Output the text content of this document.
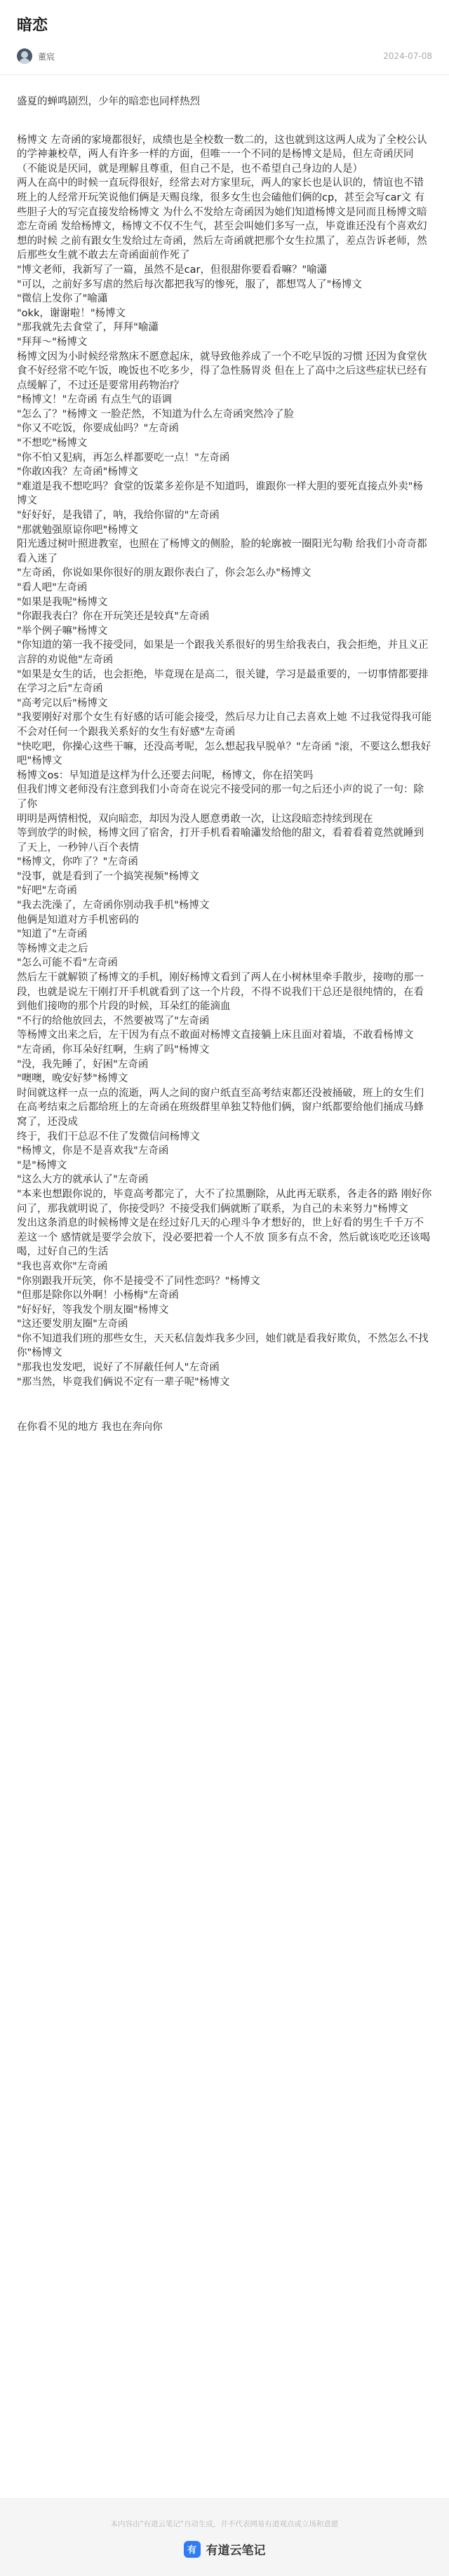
暗恋
董宸	2024-07-08

盛夏的蝉鸣剧烈，少年的暗恋也同样热烈

杨博文 左奇函的家境都很好，成绩也是全校数一数二的，这也就到这这两人成为了全校公认的学神兼校草，两人有许多一样的方面，但唯一一个不同的是杨博文是局，但左奇函厌同（不能说是厌同，就是理解且尊重，但自己不是，也不希望自己身边的人是）

两人在高中的时候一直玩得很好，经常去对方家里玩，两人的家长也是认识的，情谊也不错 班上的人经常开玩笑说他们俩是天赐良缘，很多女生也会磕他们俩的cp，甚至会写car文 有些胆子大的写完直接发给杨博文 为什么不发给左奇函因为她们知道杨博文是同而且杨博文暗恋左奇函 发给杨博文，杨博文不仅不生气，甚至会叫她们多写一点，毕竟谁还没有个喜欢幻想的时候 之前有跟女生发给过左奇函，然后左奇函就把那个女生拉黑了，差点告诉老师，然后那些女生就不敢去左奇函面前作死了

"博文老师，我新写了一篇，虽然不是car，但很甜你要看看嘛？"喻瀟

"可以，之前好多写虐的然后每次都把我写的惨死，服了，都想骂人了"杨博文

"微信上发你了"喻瀟

"okk，谢谢啦！"杨博文

"那我就先去食堂了，拜拜"喻瀟

"拜拜～"杨博文

杨博文因为小时候经常熬床不愿意起床，就导致他养成了一个不吃早饭的习惯 还因为食堂伙食不好经常不吃午饭，晚饭也不吃多少，得了急性肠胃炎 但在上了高中之后这些症状已经有点缓解了，不过还是要常用药物治疗

"杨博文！"左奇函 有点生气的语调

"怎么了？"杨博文 一脸茫然，不知道为什么左奇函突然冷了脸

"你又不吃饭，你要成仙吗？"左奇函

"不想吃"杨博文

"你不怕又犯病，再怎么样都要吃一点！"左奇函

"你敢凶我？左奇函"杨博文

"难道是我不想吃吗？食堂的饭菜多差你是不知道吗，谁跟你一样大胆的要死直接点外卖"杨博文

"好好好，是我错了，呐，我给你留的"左奇函

"那就勉强原谅你吧"杨博文

阳光透过树叶照进教室，也照在了杨博文的侧脸，脸的轮廓被一圈阳光勾勒 给我们小奇奇都看入迷了

"左奇函，你说如果你很好的朋友跟你表白了，你会怎么办"杨博文

"看人吧"左奇函

"如果是我呢"杨博文

"你跟我表白？你在开玩笑还是较真"左奇函

"举个例子嘛"杨博文

"你知道的第一我不接受同，如果是一个跟我关系很好的男生给我表白，我会拒绝，并且义正言辞的劝说他"左奇函

"如果是女生的话，也会拒绝，毕竟现在是高二，很关键，学习是最重要的，一切事情都要排在学习之后"左奇函

"高考完以后"杨博文

"我要刚好对那个女生有好感的话可能会接受，然后尽力让自己去喜欢上她 不过我觉得我可能不会对任何一个跟我关系好的女生有好感"左奇函

"快吃吧，你操心这些干嘛，还没高考呢，怎么想起我早脱单？"左奇函 "滚，不要这么想我好吧"杨博文

杨博文os：早知道是这样为什么还要去问呢，杨博文，你在招笑吗

但我们博文老师没有注意到我们小奇奇在说完不接受同的那一句之后还小声的说了一句：除了你

明明是两情相悦，双向暗恋，却因为没人愿意勇敢一次，让这段暗恋持续到现在

等到放学的时候，杨博文回了宿舍，打开手机看着喻瀟发给他的甜文，看着看着竟然就睡到了天上，一秒钟八百个表情

"杨博文，你咋了？"左奇函

"没事，就是看到了一个搞笑视频"杨博文

"好吧"左奇函

"我去洗澡了，左奇函你别动我手机"杨博文

他俩是知道对方手机密码的

"知道了"左奇函

等杨博文走之后

"怎么可能不看"左奇函

然后左干就解锁了杨博文的手机，刚好杨博文看到了两人在小树林里牵手散步，接吻的那一段，也就是说左干刚打开手机就看到了这一个片段，不得不说我们干总还是很纯情的，在看到他们接吻的那个片段的时候，耳朵红的能滴血

"不行的给他放回去，不然要被骂了"左奇函

等杨博文出来之后，左干因为有点不敢面对杨博文直接躺上床且面对着墙，不敢看杨博文

"左奇函，你耳朵好红啊，生病了吗"杨博文

"没，我先睡了，好困"左奇函

"噢噢，晚安好梦"杨博文

时间就这样一点一点的流逝，两人之间的窗户纸直至高考结束都还没被捅破，班上的女生们在高考结束之后都给班上的左奇函在班级群里单独艾特他们俩，窗户纸都要给他们捅成马蜂窝了，还没成

终于，我们干总忍不住了发微信问杨博文

"杨博文，你是不是喜欢我"左奇函

"是"杨博文

"这么大方的就承认了"左奇函

"本来也想跟你说的，毕竟高考都完了，大不了拉黑删除，从此再无联系，各走各的路 刚好你问了，那我就明说了，你接受吗？不接受我们俩就断了联系，为自己的未来努力"杨博文

发出这条消息的时候杨博文是在经过好几天的心理斗争才想好的，世上好看的男生千千万不差这一个 感情就是要学会放下，没必要把着一个人不放 顶多有点不舍，然后就该吃吃还该喝喝，过好自己的生活

"我也喜欢你"左奇函

"你别跟我开玩笑，你不是接受不了同性恋吗？"杨博文

"但那是除你以外啊！小杨梅"左奇函

"好好好，等我发个朋友圈"杨博文

"这还要发朋友圈"左奇函

"你不知道我们班的那些女生，天天私信轰炸我多少回，她们就是看我好欺负，不然怎么不找你"杨博文

"那我也发发吧，说好了不屏蔽任何人"左奇函

"那当然，毕竟我们俩说不定有一辈子呢"杨博文

在你看不见的地方 我也在奔向你

本内容由"有道云笔记"自动生成，并不代表网易有道观点或立场和意愿
有 有道云笔记
